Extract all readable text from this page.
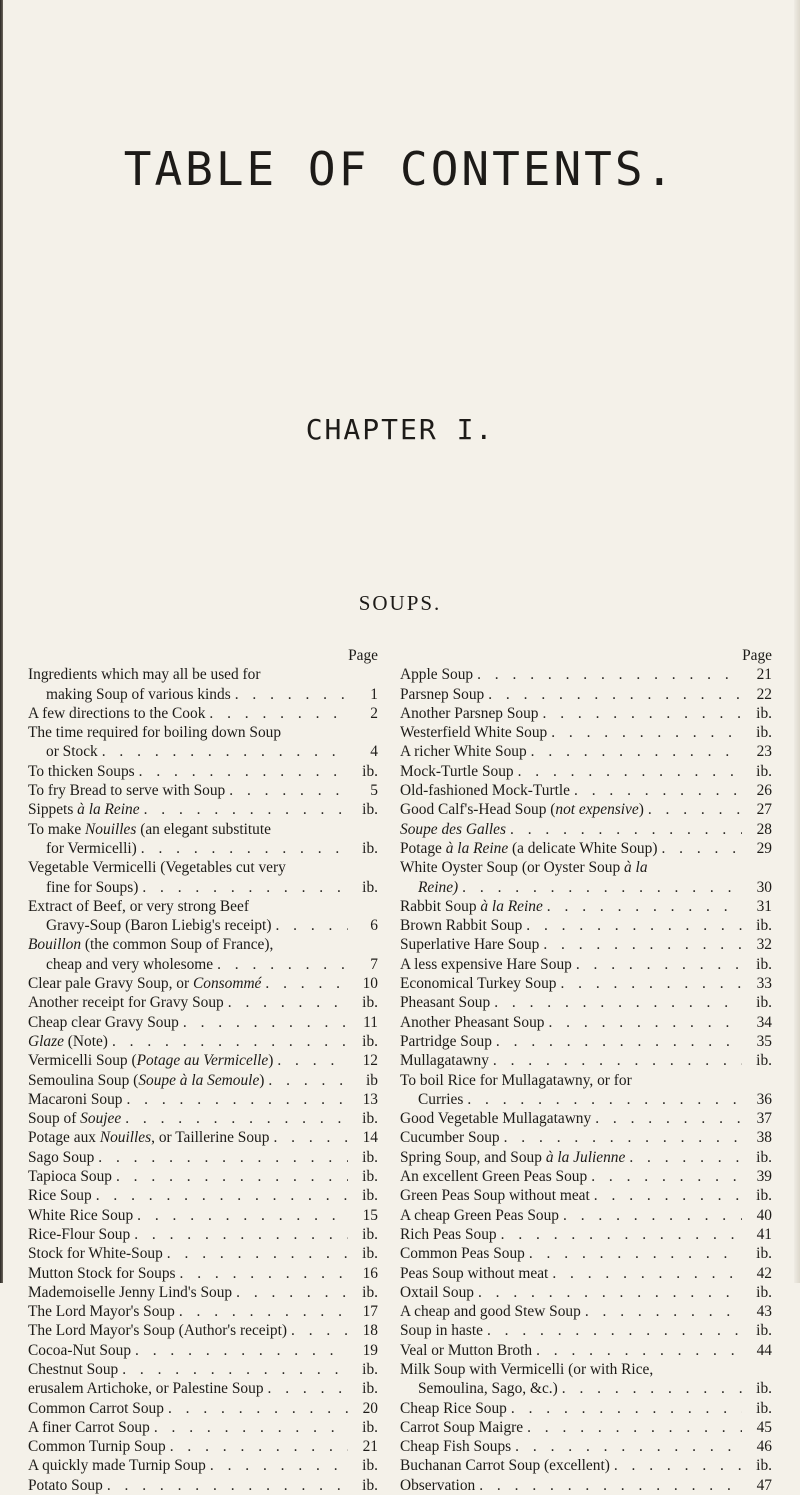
TABLE OF CONTENTS.
CHAPTER I.
SOUPS.
Page
Ingredients which may all be used for
making Soup of various kinds . . .	1
A few directions to the Cook . . .	2
The time required for boiling down Soup
or Stock . . .	4
To thicken Soups . . .	ib.
To fry Bread to serve with Soup . . .	5
Sippets à la Reine . . .	ib.
To make Nouilles (an elegant substitute
for Vermicelli) . . .	ib.
Vegetable Vermicelli (Vegetables cut very
fine for Soups) . . .	ib.
Extract of Beef, or very strong Beef
Gravy-Soup (Baron Liebig's receipt) . . .	6
Bouillon (the common Soup of France),
cheap and very wholesome . . .	7
Clear pale Gravy Soup, or Consommé . . .	10
Another receipt for Gravy Soup . . .	ib.
Cheap clear Gravy Soup . . .	11
Glaze (Note) . . .	ib.
Vermicelli Soup (Potage au Vermicelle) . . .	12
Semoulina Soup (Soupe à la Semoule) . . .	ib
Macaroni Soup . . .	13
Soup of Soujee . . .	ib.
Potage aux Nouilles, or Taillerine Soup . . .	14
Sago Soup . . .	ib.
Tapioca Soup . . .	ib.
Rice Soup . . .	ib.
White Rice Soup . . .	15
Rice-Flour Soup . . .	ib.
Stock for White-Soup . . .	ib.
Mutton Stock for Soups . . .	16
Mademoiselle Jenny Lind's Soup . . .	ib.
The Lord Mayor's Soup . . .	17
The Lord Mayor's Soup (Author's receipt) . . .	18
Cocoa-Nut Soup . . .	19
Chestnut Soup . . .	ib.
erusalem Artichoke, or Palestine Soup . . .	ib.
Common Carrot Soup . . .	20
A finer Carrot Soup . . .	ib.
Common Turnip Soup . . .	21
A quickly made Turnip Soup . . .	ib.
Potato Soup . . .	ib.
Page
Apple Soup . . .	21
Parsnep Soup . . .	22
Another Parsnep Soup . . .	ib.
Westerfield White Soup . . .	ib.
A richer White Soup . . .	23
Mock-Turtle Soup . . .	ib.
Old-fashioned Mock-Turtle . . .	26
Good Calf's-Head Soup (not expensive) . . .	27
Soupe des Galles . . .	28
Potage à la Reine (a delicate White Soup) . . .	29
White Oyster Soup (or Oyster Soup à la
Reine) . . .	30
Rabbit Soup à la Reine . . .	31
Brown Rabbit Soup . . .	ib.
Superlative Hare Soup . . .	32
A less expensive Hare Soup . . .	ib.
Economical Turkey Soup . . .	33
Pheasant Soup . . .	ib.
Another Pheasant Soup . . .	34
Partridge Soup . . .	35
Mullagatawny . . .	ib.
To boil Rice for Mullagatawny, or for
Curries . . .	36
Good Vegetable Mullagatawny . . .	37
Cucumber Soup . . .	38
Spring Soup, and Soup à la Julienne . . .	ib.
An excellent Green Peas Soup . . .	39
Green Peas Soup without meat . . .	ib.
A cheap Green Peas Soup . . .	40
Rich Peas Soup . . .	41
Common Peas Soup . . .	ib.
Peas Soup without meat . . .	42
Oxtail Soup . . .	ib.
A cheap and good Stew Soup . . .	43
Soup in haste . . .	ib.
Veal or Mutton Broth . . .	44
Milk Soup with Vermicelli (or with Rice,
Semoulina, Sago, &c.) . . .	ib.
Cheap Rice Soup . . .	ib.
Carrot Soup Maigre . . .	45
Cheap Fish Soups . . .	46
Buchanan Carrot Soup (excellent) . . .	ib.
Observation . . .	47
